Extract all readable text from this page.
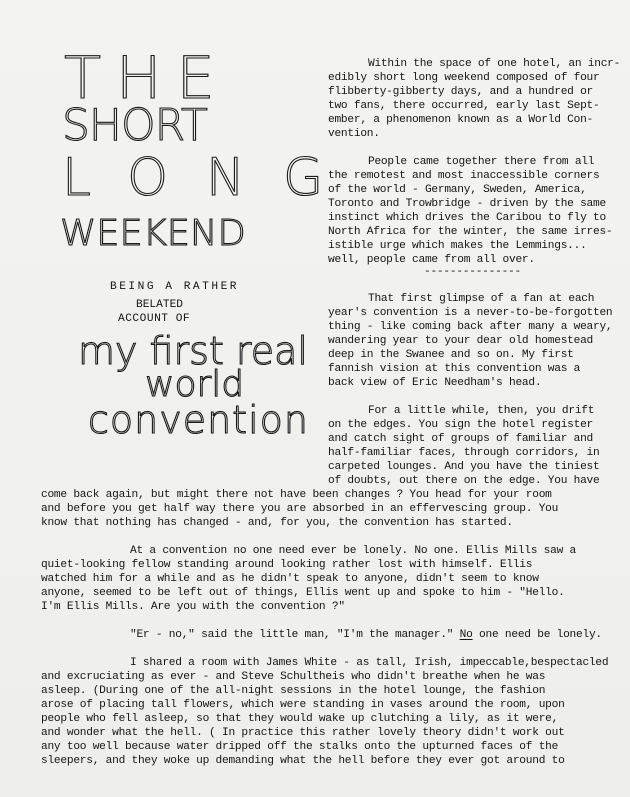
THE
SHORT
LONG
WEEKEND
BEING A RATHER
BELATED
ACCOUNT OF
my first real
world
convention
Within the space of one hotel, an incr-
edibly short long weekend composed of four
flibberty-gibberty days, and a hundred or
two fans, there occurred, early last Sept-
ember, a phenomenon known as a World Con-
vention.
People came together there from all
the remotest and most inaccessible corners
of the world - Germany, Sweden, America,
Toronto and Trowbridge - driven by the same
instinct which drives the Caribou to fly to
North Africa for the winter, the same irres-
istible urge which makes the Lemmings...
well, people came from all over.
---------------
That first glimpse of a fan at each
year's convention is a never-to-be-forgotten
thing - like coming back after many a weary,
wandering year to your dear old homestead
deep in the Swanee and so on. My first
fannish vision at this convention was a
back view of Eric Needham's head.
For a little while, then, you drift
on the edges. You sign the hotel register
and catch sight of groups of familiar and
half-familiar faces, through corridors, in
carpeted lounges. And you have the tiniest
of doubts, out there on the edge. You have
come back again, but might there not have been changes ? You head for your room
and before you get half way there you are absorbed in an effervescing group. You
know that nothing has changed - and, for you, the convention has started.
At a convention no one need ever be lonely. No one. Ellis Mills saw a
quiet-looking fellow standing around looking rather lost with himself. Ellis
watched him for a while and as he didn't speak to anyone, didn't seem to know
anyone, seemed to be left out of things, Ellis went up and spoke to him - "Hello.
I'm Ellis Mills. Are you with the convention ?"
"Er - no," said the little man, "I'm the manager." No one need be lonely.
I shared a room with James White - as tall, Irish, impeccable,bespectacled
and excruciating as ever - and Steve Schultheis who didn't breathe when he was
asleep. (During one of the all-night sessions in the hotel lounge, the fashion
arose of placing tall flowers, which were standing in vases around the room, upon
people who fell asleep, so that they would wake up clutching a lily, as it were,
and wonder what the hell. ( In practice this rather lovely theory didn't work out
any too well because water dripped off the stalks onto the upturned faces of the
sleepers, and they woke up demanding what the hell before they ever got around to
